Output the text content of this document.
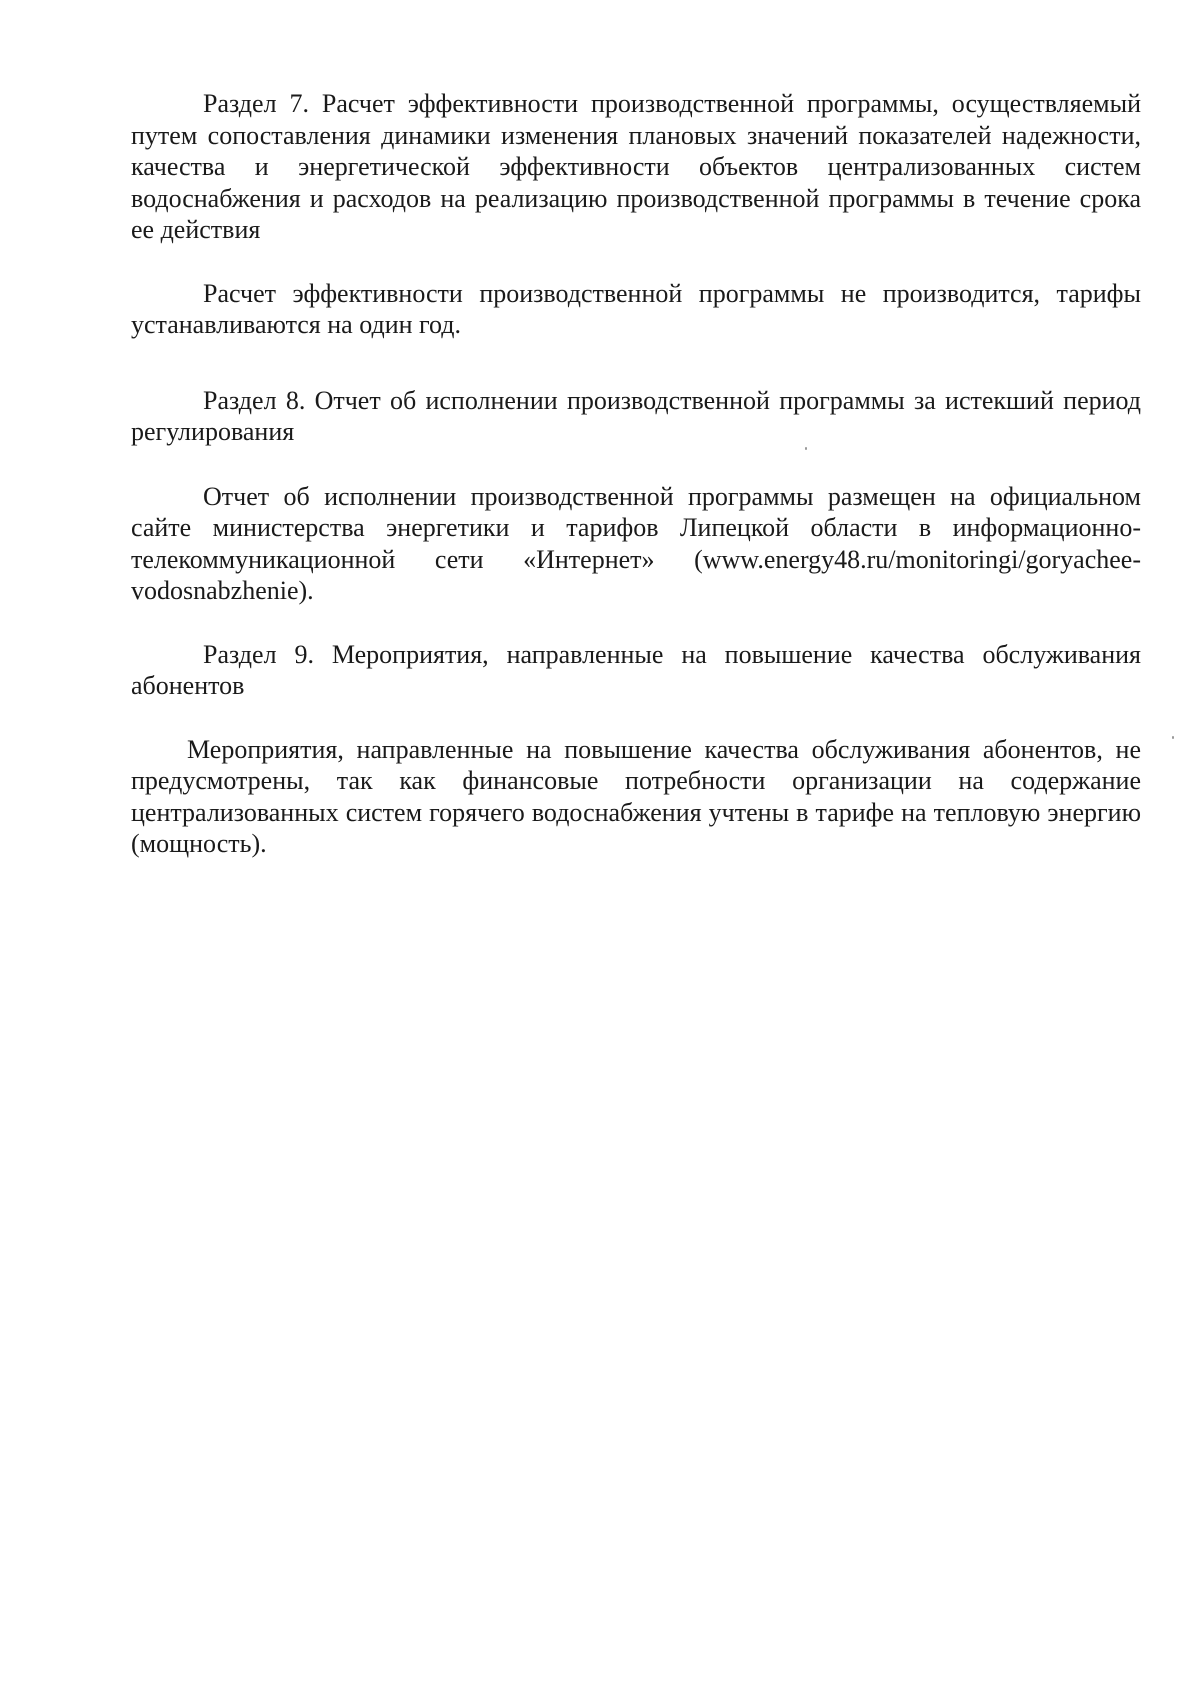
Раздел 7. Расчет эффективности производственной программы, осуществляемый путем сопоставления динамики изменения плановых значений показателей надежности, качества и энергетической эффективности объектов централизованных систем водоснабжения и расходов на реализацию производственной программы в течение срока ее действия

Расчет эффективности производственной программы не производится, тарифы устанавливаются на один год.

Раздел 8. Отчет об исполнении производственной программы за истекший период регулирования

Отчет об исполнении производственной программы размещен на официальном сайте министерства энергетики и тарифов Липецкой области в информационно-телекоммуникационной сети «Интернет» (www.energy48.ru/monitoringi/goryachee-vodosnabzhenie).

Раздел 9. Мероприятия, направленные на повышение качества обслуживания абонентов

Мероприятия, направленные на повышение качества обслуживания абонентов, не предусмотрены, так как финансовые потребности организации на содержание централизованных систем горячего водоснабжения учтены в тарифе на тепловую энергию (мощность).
